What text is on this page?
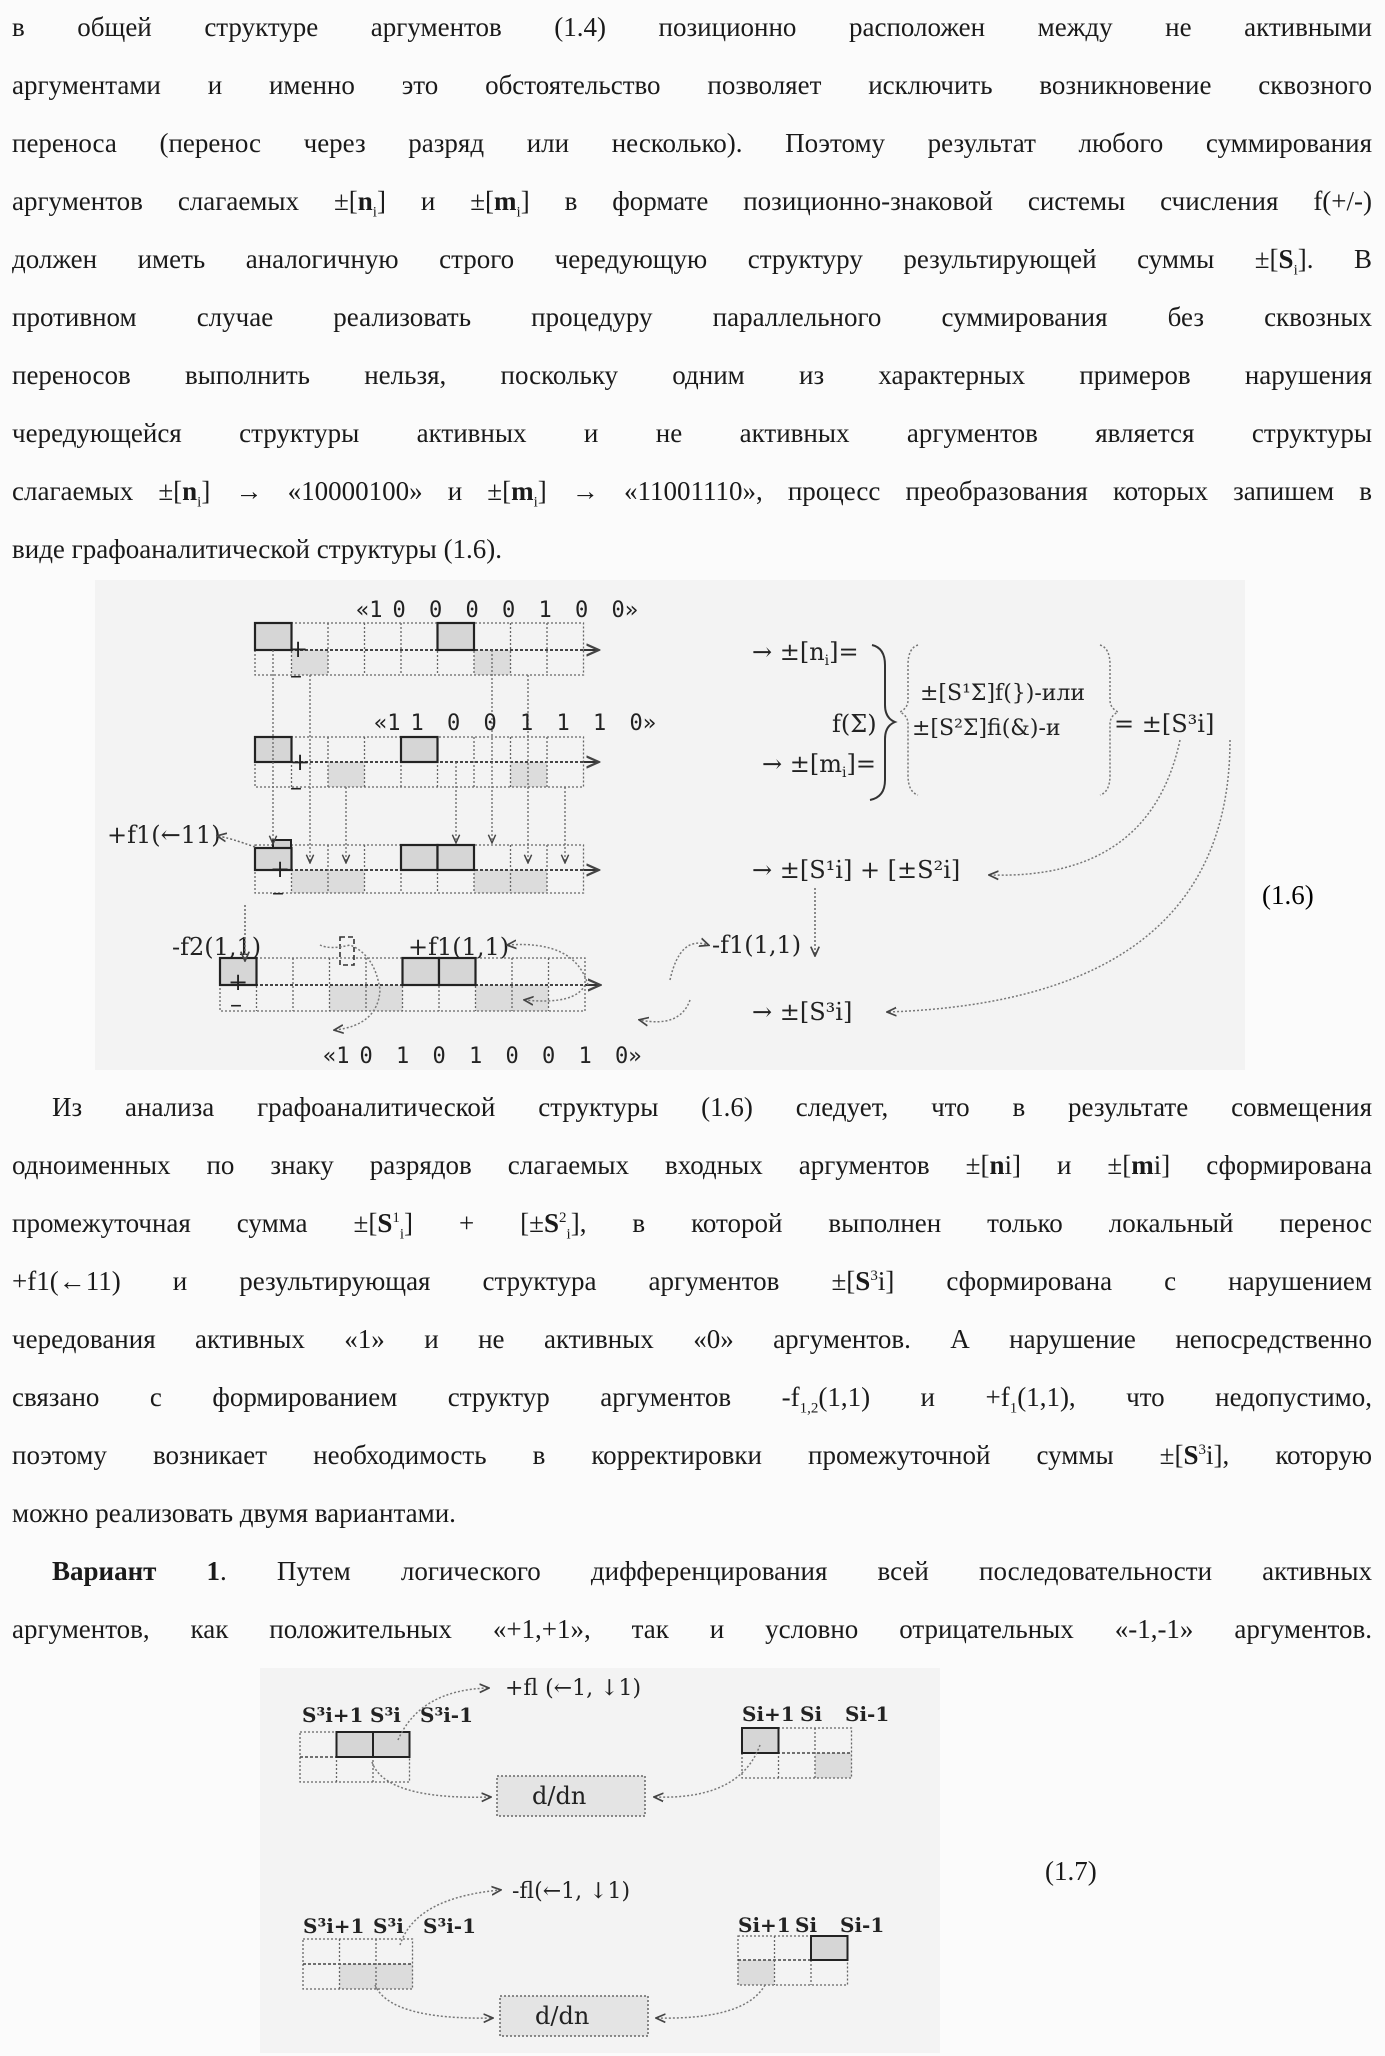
в общей структуре аргументов (1.4) позиционно расположен между не активными
аргументами и именно это обстоятельство позволяет исключить возникновение сквозного
переноса (перенос через разряд или несколько). Поэтому результат любого суммирования
аргументов слагаемых ±[ni] и ±[mi] в формате позиционно-знаковой системы счисления f(+/-)
должен иметь аналогичную строго чередующую структуру результирующей суммы ±[Si]. В
противном случае реализовать процедуру параллельного суммирования без сквозных
переносов выполнить нельзя, поскольку одним из характерных примеров нарушения
чередующейся структуры активных и не активных аргументов является структуры
слагаемых ±[ni] → «10000100» и ±[mi] → «11001110», процесс преобразования которых запишем в
виде графоаналитической структуры (1.6).
«1 0 0 0 0 1 0 0»
«1 1 0 0 1 1 1 0»
«1 0 1 0 1 0 0 1 0»
+
–
+
–
+
–
+
–
→ ±[ni]=
→ ±[mi]=
f(Σ)
±[S¹Σ]f(})-или
±[S²Σ]fi(&)-и = ±[S³i]
→ ±[S¹i] + [±S²i]
→ ±[S³i]
+f1(←11)
-f2(1,1)	+f1(1,1)	-f1(1,1)
(1.6)
Из анализа графоаналитической структуры (1.6) следует, что в результате совмещения
одноименных по знаку разрядов слагаемых входных аргументов ±[ni] и ±[mi] сформирована
промежуточная сумма ±[S1i] + [±S2i], в которой выполнен только локальный перенос
+f1(←11) и результирующая структура аргументов ±[S3i] сформирована с нарушением
чередования активных «1» и не активных «0» аргументов. А нарушение непосредственно
связано с формированием структур аргументов -f1,2(1,1) и +f1(1,1), что недопустимо,
поэтому возникает необходимость в корректировки промежуточной суммы ±[S3i], которую
можно реализовать двумя вариантами.
Вариант 1. Путем логического дифференцирования всей последовательности активных
аргументов, как положительных «+1,+1», так и условно отрицательных «-1,-1» аргументов.
S³i+1 S³i S³i-1
+fl (←1, ↓1)
Si+1 Si Si-1
d/dn
S³i+1 S³i S³i-1
-fl(←1, ↓1)
Si+1 Si Si-1
d/dn
(1.7)
